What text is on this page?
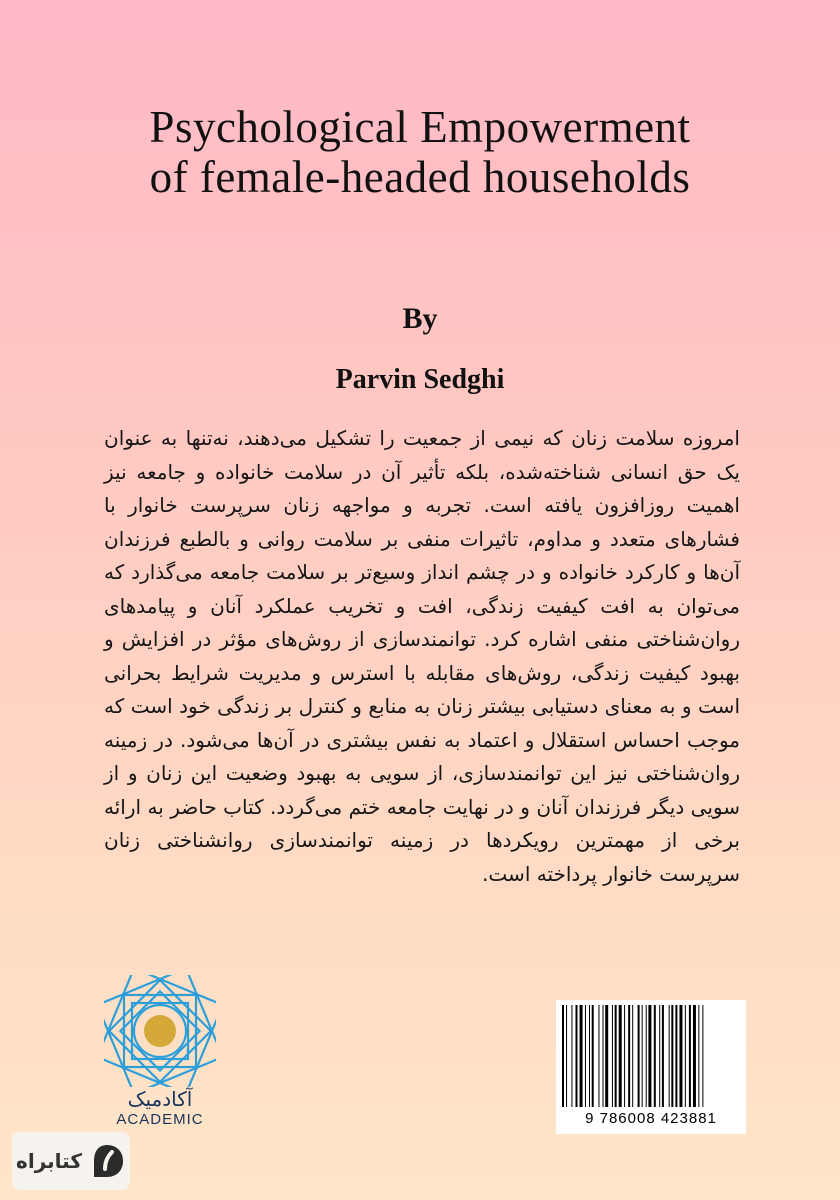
Psychological Empowerment
of female-headed households
By
Parvin Sedghi

امروزه سلامت زنان که نیمی از جمعیت را تشکیل می‌دهند، نه‌تنها به عنوان یک حق انسانی شناخته‌شده، بلکه تأثیر آن در سلامت خانواده و جامعه نیز اهمیت روزافزون یافته است. تجربه و مواجهه زنان سرپرست خانوار با فشارهای متعدد و مداوم، تاثیرات منفی بر سلامت روانی و بالطبع فرزندان آن‌ها و کارکرد خانواده و در چشم انداز وسیع‌تر بر سلامت جامعه می‌گذارد که می‌توان به افت کیفیت زندگی، افت و تخریب عملکرد آنان و پیامدهای روان‌شناختی منفی اشاره کرد. توانمندسازی از روش‌های مؤثر در افزایش و بهبود کیفیت زندگی، روش‌های مقابله با استرس و مدیریت شرایط بحرانی است و به معنای دستیابی بیشتر زنان به منابع و کنترل بر زندگی خود است که موجب احساس استقلال و اعتماد به نفس بیشتری در آن‌ها می‌شود. در زمینه روان‌شناختی نیز این توانمندسازی، از سویی به بهبود وضعیت این زنان و از سویی دیگر فرزندان آنان و در نهایت جامعه ختم می‌گردد. کتاب حاضر به ارائه برخی از مهمترین رویکردها در زمینه توانمندسازی روانشناختی زنان سرپرست خانوار پرداخته است.

آکادمیک
ACADEMIC	9 786008 423881
کتابراه
